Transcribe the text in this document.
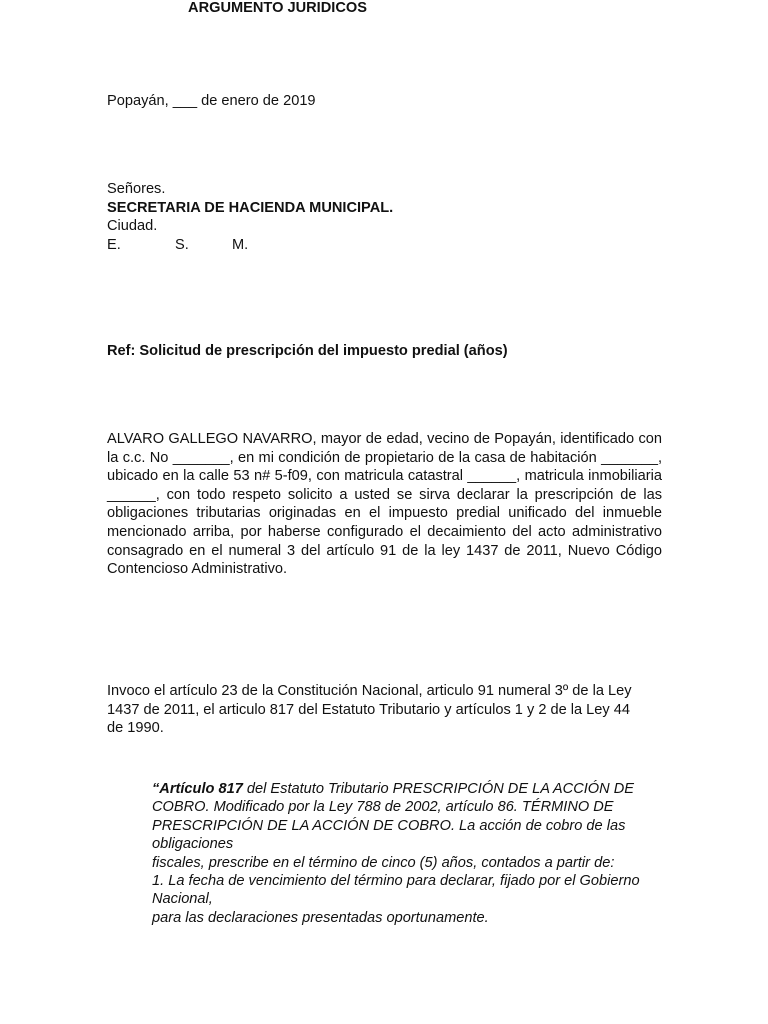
Popayán, ___ de enero de 2019
Señores.
SECRETARIA DE HACIENDA MUNICIPAL.
Ciudad.
E.	S.	M.
Ref: Solicitud de prescripción del impuesto predial (años)
ALVARO GALLEGO NAVARRO, mayor de edad, vecino de Popayán, identificado con la c.c. No _______, en mi condición de propietario de la casa de habitación _______, ubicado en la calle 53 n# 5-f09, con matricula catastral ______, matricula inmobiliaria ______, con todo respeto solicito a usted se sirva declarar la prescripción de las obligaciones tributarias originadas en el impuesto predial unificado del inmueble mencionado arriba, por haberse configurado el decaimiento del acto administrativo consagrado en el numeral 3 del artículo 91 de la ley 1437 de 2011, Nuevo Código Contencioso Administrativo.
ARGUMENTO JURIDICOS
Invoco el artículo 23 de la Constitución Nacional, articulo 91 numeral 3º de la Ley
1437 de 2011, el articulo 817 del Estatuto Tributario y artículos 1 y 2 de la Ley 44
de 1990.
“Artículo 817 del Estatuto Tributario PRESCRIPCIÓN DE LA ACCIÓN DE
COBRO. Modificado por la Ley 788 de 2002, artículo 86. TÉRMINO DE
PRESCRIPCIÓN DE LA ACCIÓN DE COBRO. La acción de cobro de las
obligaciones
fiscales, prescribe en el término de cinco (5) años, contados a partir de:
1. La fecha de vencimiento del término para declarar, fijado por el Gobierno
Nacional,
para las declaraciones presentadas oportunamente.
